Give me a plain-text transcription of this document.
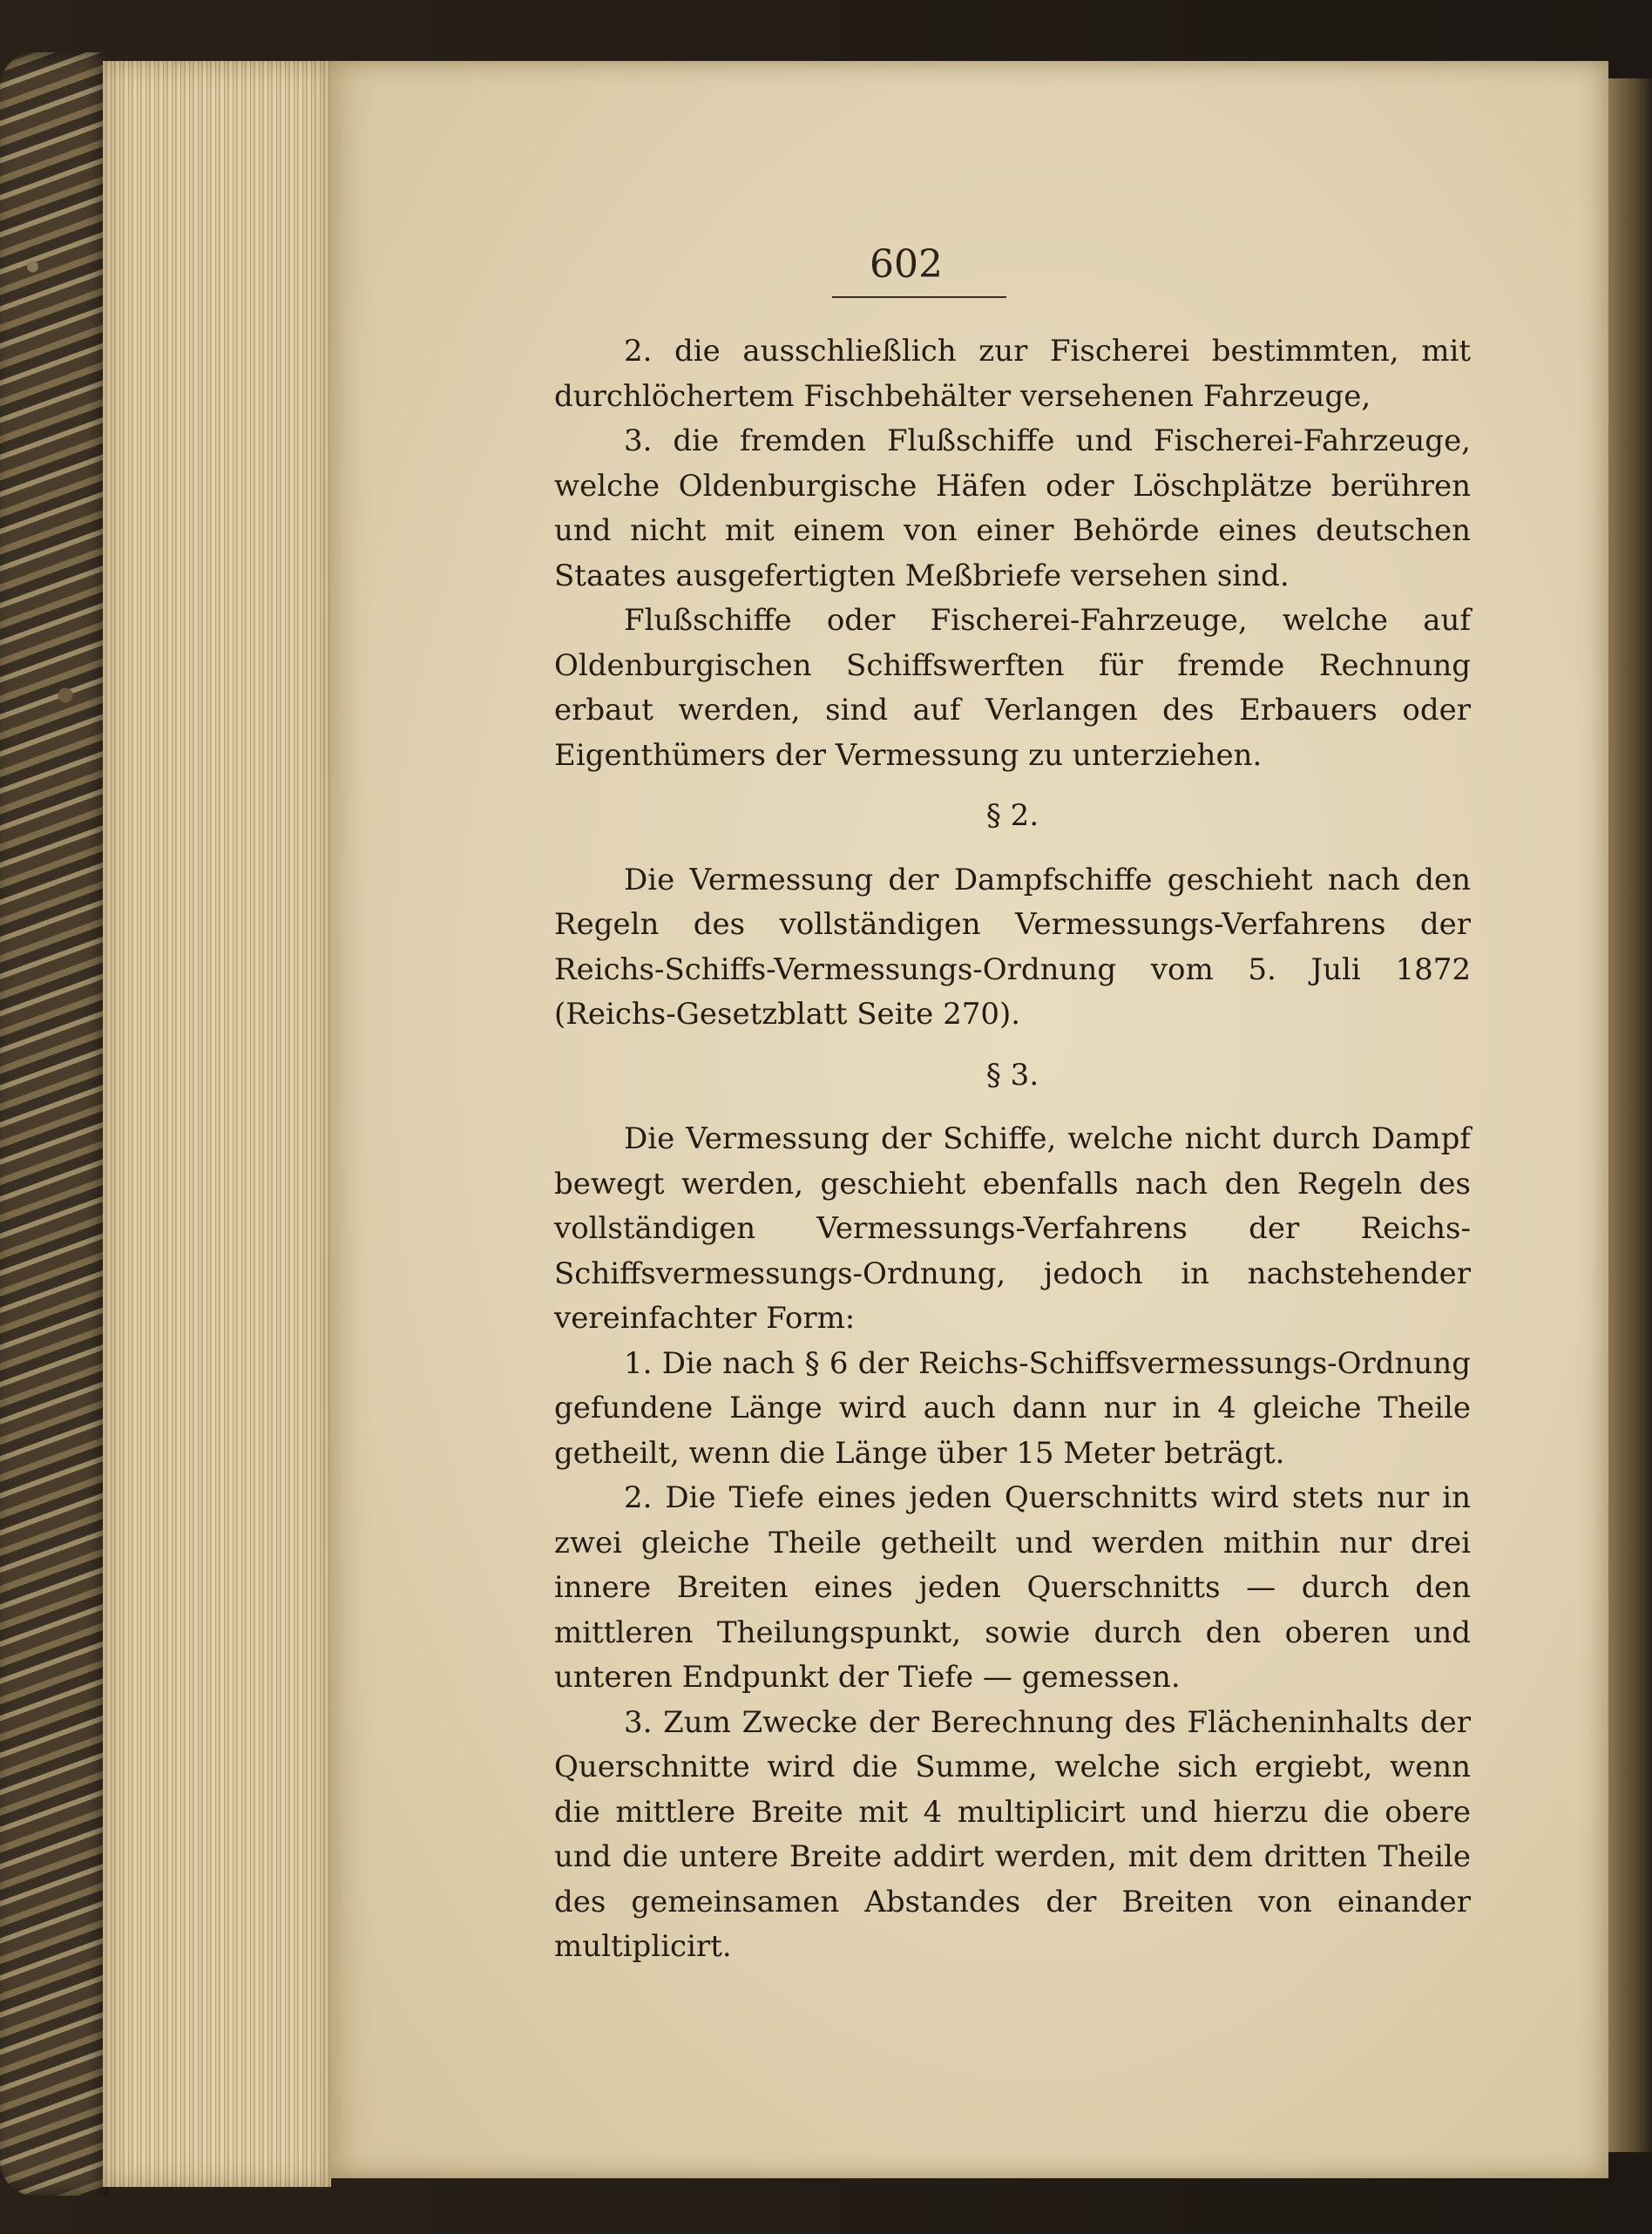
602

2. die ausschließlich zur Fischerei bestimmten, mit durchlöchertem Fischbehälter versehenen Fahrzeuge,

3. die fremden Flußschiffe und Fischerei-Fahrzeuge, welche Oldenburgische Häfen oder Löschplätze berühren und nicht mit einem von einer Behörde eines deutschen Staates ausgefertigten Meßbriefe versehen sind.

Flußschiffe oder Fischerei-Fahrzeuge, welche auf Oldenburgischen Schiffswerften für fremde Rechnung erbaut werden, sind auf Verlangen des Erbauers oder Eigenthümers der Vermessung zu unterziehen.

§ 2.

Die Vermessung der Dampfschiffe geschieht nach den Regeln des vollständigen Vermessungs-Verfahrens der Reichs-Schiffs-Vermessungs-Ordnung vom 5. Juli 1872 (Reichs-Gesetzblatt Seite 270).

§ 3.

Die Vermessung der Schiffe, welche nicht durch Dampf bewegt werden, geschieht ebenfalls nach den Regeln des vollständigen Vermessungs-Verfahrens der Reichs-Schiffsvermessungs-Ordnung, jedoch in nachstehender vereinfachter Form:

1. Die nach § 6 der Reichs-Schiffsvermessungs-Ordnung gefundene Länge wird auch dann nur in 4 gleiche Theile getheilt, wenn die Länge über 15 Meter beträgt.

2. Die Tiefe eines jeden Querschnitts wird stets nur in zwei gleiche Theile getheilt und werden mithin nur drei innere Breiten eines jeden Querschnitts — durch den mittleren Theilungspunkt, sowie durch den oberen und unteren Endpunkt der Tiefe — gemessen.

3. Zum Zwecke der Berechnung des Flächeninhalts der Querschnitte wird die Summe, welche sich ergiebt, wenn die mittlere Breite mit 4 multiplicirt und hierzu die obere und die untere Breite addirt werden, mit dem dritten Theile des gemeinsamen Abstandes der Breiten von einander multiplicirt.
